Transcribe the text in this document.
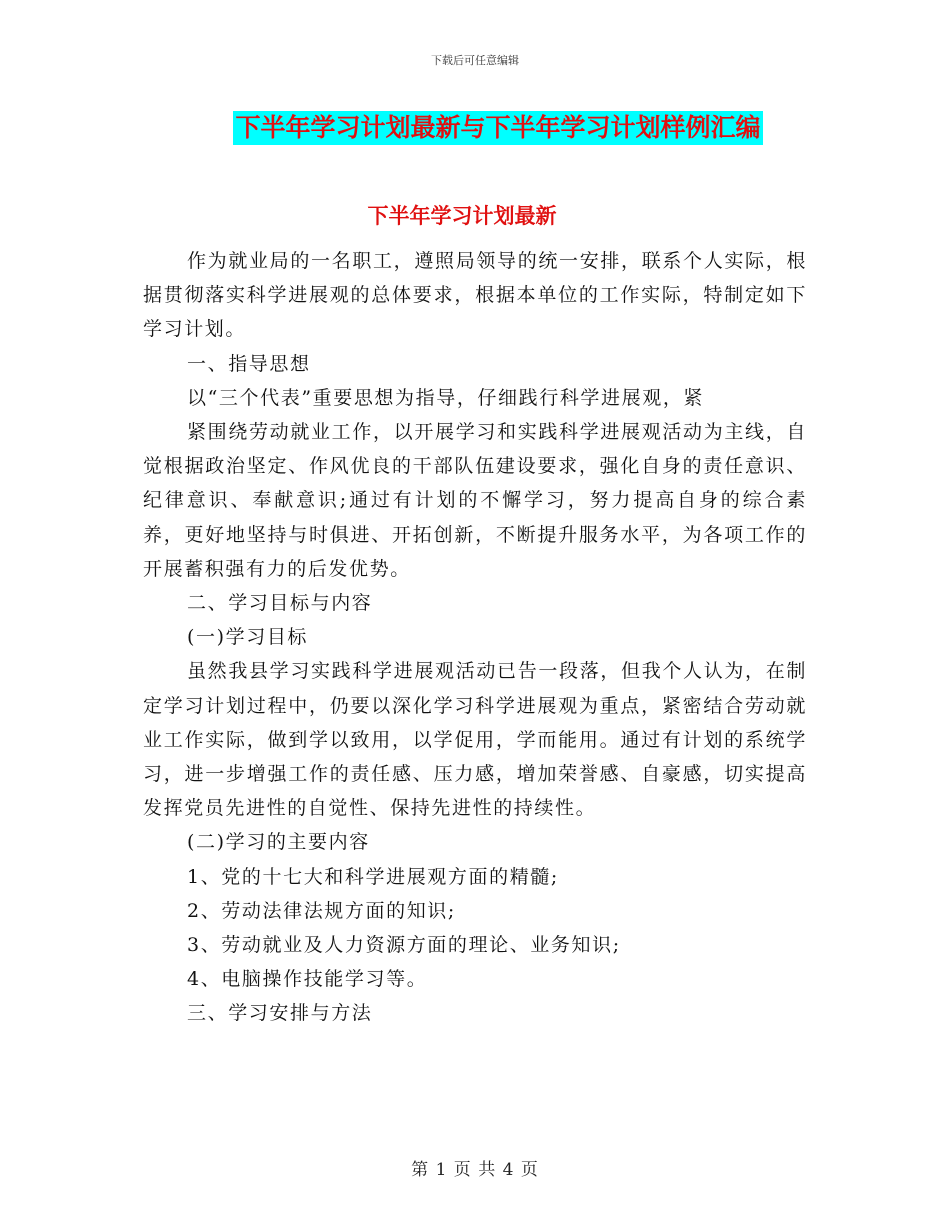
下载后可任意编辑
下半年学习计划最新与下半年学习计划样例汇编
下半年学习计划最新

作为就业局的一名职工，遵照局领导的统一安排，联系个人实际，根据贯彻落实科学进展观的总体要求，根据本单位的工作实际，特制定如下学习计划。

一、指导思想

以“三个代表”重要思想为指导，仔细践行科学进展观，紧

紧围绕劳动就业工作，以开展学习和实践科学进展观活动为主线，自觉根据政治坚定、作风优良的干部队伍建设要求，强化自身的责任意识、纪律意识、奉献意识;通过有计划的不懈学习，努力提高自身的综合素养，更好地坚持与时俱进、开拓创新，不断提升服务水平，为各项工作的开展蓄积强有力的后发优势。

二、学习目标与内容

(一)学习目标

虽然我县学习实践科学进展观活动已告一段落，但我个人认为，在制定学习计划过程中，仍要以深化学习科学进展观为重点，紧密结合劳动就业工作实际，做到学以致用，以学促用，学而能用。通过有计划的系统学习，进一步增强工作的责任感、压力感，增加荣誉感、自豪感，切实提高发挥党员先进性的自觉性、保持先进性的持续性。

(二)学习的主要内容

1、党的十七大和科学进展观方面的精髓;

2、劳动法律法规方面的知识;

3、劳动就业及人力资源方面的理论、业务知识;

4、电脑操作技能学习等。

三、学习安排与方法

第 1 页 共 4 页
